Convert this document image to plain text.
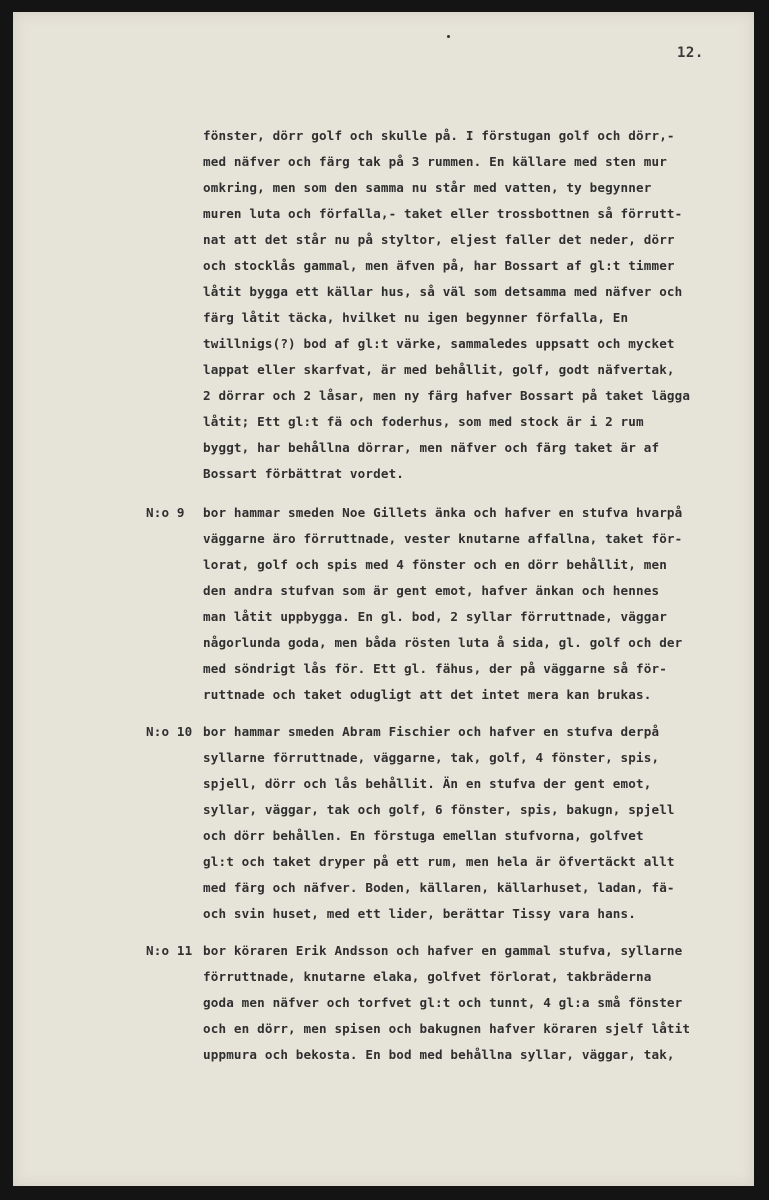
12.
fönster, dörr golf och skulle på. I förstugan golf och dörr,-
med näfver och färg tak på 3 rummen. En källare med sten mur
omkring, men som den samma nu står med vatten, ty begynner
muren luta och förfalla,- taket eller trossbottnen så förrutt-
nat att det står nu på styltor, eljest faller det neder, dörr
och stocklås gammal, men äfven på, har Bossart af gl:t timmer
låtit bygga ett källar hus, så väl som detsamma med näfver och
färg låtit täcka, hvilket nu igen begynner förfalla, En
twillnigs(?) bod af gl:t värke, sammaledes uppsatt och mycket
lappat eller skarfvat, är med behållit, golf, godt näfvertak,
2 dörrar och 2 låsar, men ny färg hafver Bossart på taket lägga
låtit; Ett gl:t fä och foderhus, som med stock är i 2 rum
byggt, har behållna dörrar, men näfver och färg taket är af
Bossart förbättrat vordet.
N:o 9 bor hammar smeden Noe Gillets änka och hafver en stufva hvarpå
väggarne äro förruttnade, vester knutarne affallna, taket för-
lorat, golf och spis med 4 fönster och en dörr behållit, men
den andra stufvan som är gent emot, hafver änkan och hennes
man låtit uppbygga. En gl. bod, 2 syllar förruttnade, väggar
någorlunda goda, men båda rösten luta å sida, gl. golf och der
med söndrigt lås för. Ett gl. fähus, der på väggarne så för-
ruttnade och taket odugligt att det intet mera kan brukas.
N:o 10 bor hammar smeden Abram Fischier och hafver en stufva derpå
syllarne förruttnade, väggarne, tak, golf, 4 fönster, spis,
spjell, dörr och lås behållit. Än en stufva der gent emot,
syllar, väggar, tak och golf, 6 fönster, spis, bakugn, spjell
och dörr behållen. En förstuga emellan stufvorna, golfvet
gl:t och taket dryper på ett rum, men hela är öfvertäckt allt
med färg och näfver. Boden, källaren, källarhuset, ladan, fä-
och svin huset, med ett lider, berättar Tissy vara hans.
N:o 11 bor köraren Erik Andsson och hafver en gammal stufva, syllarne
förruttnade, knutarne elaka, golfvet förlorat, takbräderna
goda men näfver och torfvet gl:t och tunnt, 4 gl:a små fönster
och en dörr, men spisen och bakugnen hafver köraren sjelf låtit
uppmura och bekosta. En bod med behållna syllar, väggar, tak,
